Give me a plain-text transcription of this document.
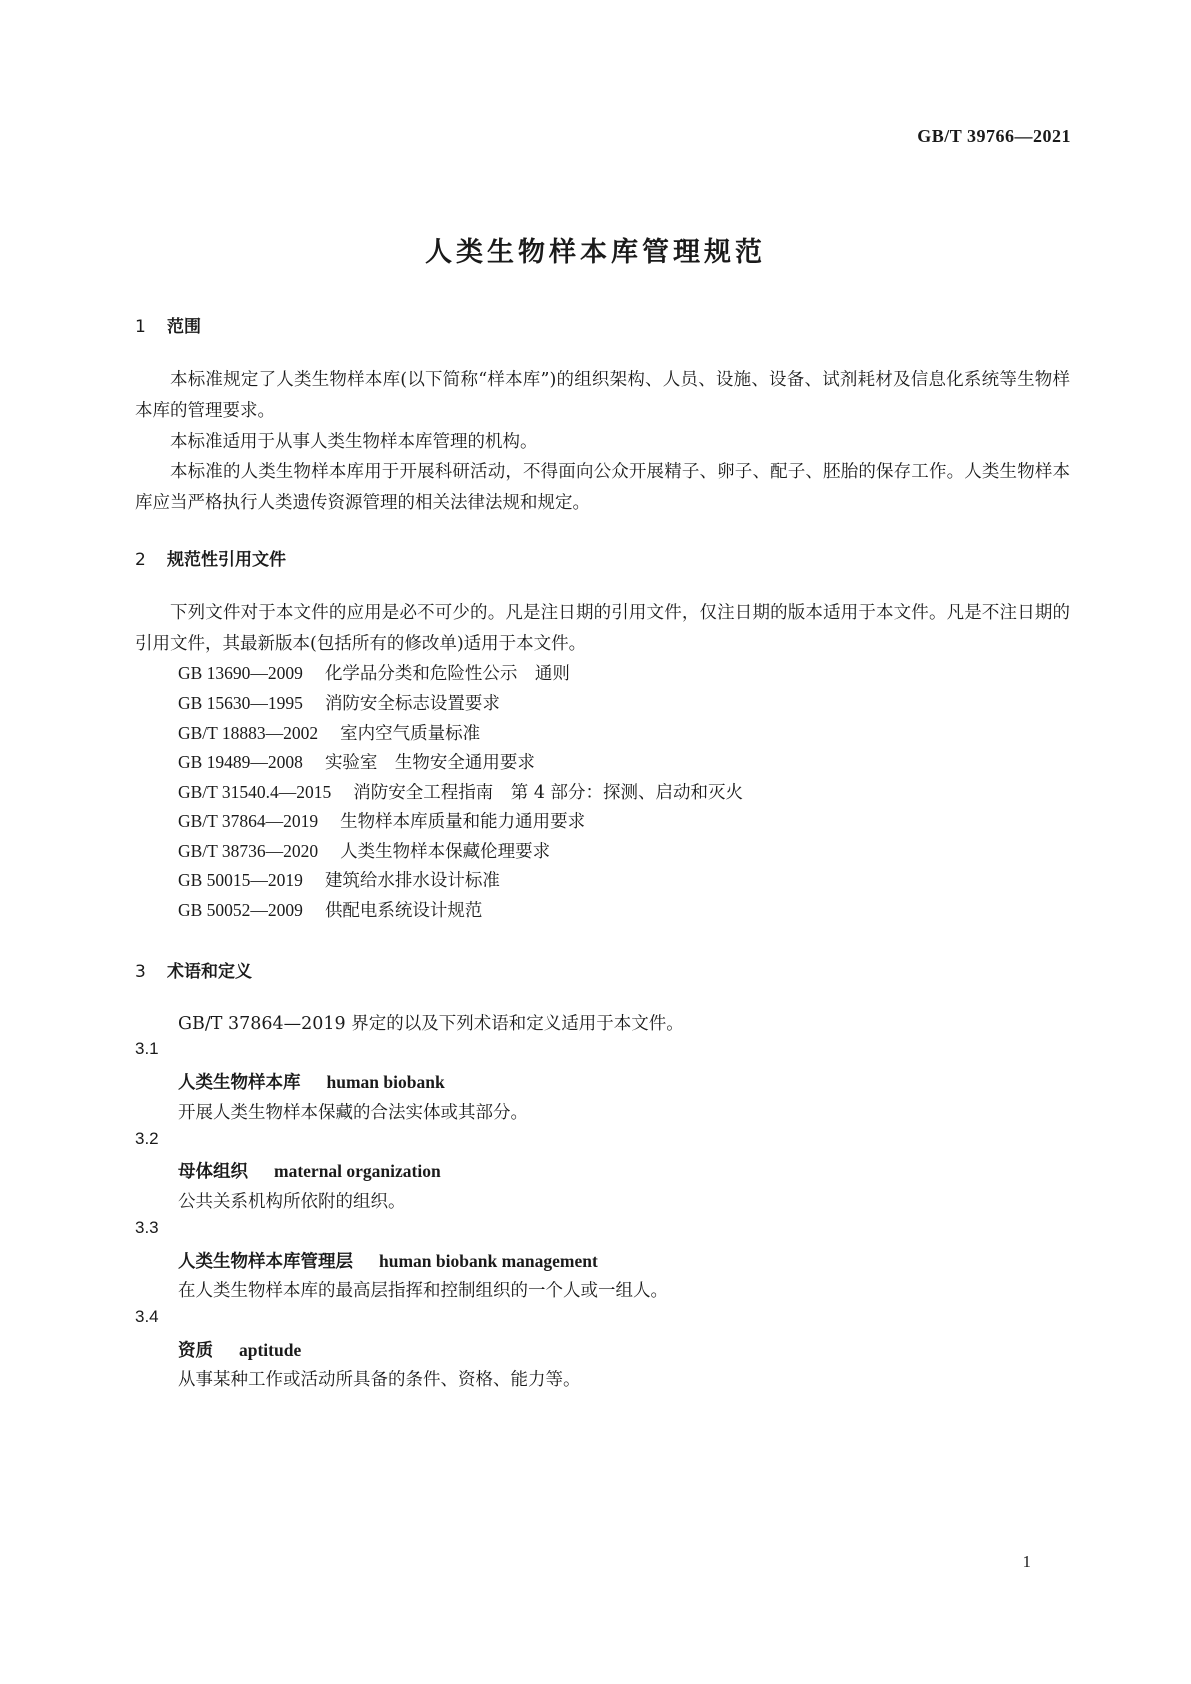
GB/T 39766—2021
人类生物样本库管理规范
1 范围

本标准规定了人类生物样本库(以下简称“样本库”)的组织架构、人员、设施、设备、试剂耗材及信息化系统等生物样本库的管理要求。

本标准适用于从事人类生物样本库管理的机构。

本标准的人类生物样本库用于开展科研活动，不得面向公众开展精子、卵子、配子、胚胎的保存工作。人类生物样本库应当严格执行人类遗传资源管理的相关法律法规和规定。

2 规范性引用文件

下列文件对于本文件的应用是必不可少的。凡是注日期的引用文件，仅注日期的版本适用于本文件。凡是不注日期的引用文件，其最新版本(包括所有的修改单)适用于本文件。

GB 13690—2009 化学品分类和危险性公示　通则
GB 15630—1995 消防安全标志设置要求
GB/T 18883—2002 室内空气质量标准
GB 19489—2008 实验室　生物安全通用要求
GB/T 31540.4—2015 消防安全工程指南　第 4 部分：探测、启动和灭火
GB/T 37864—2019 生物样本库质量和能力通用要求
GB/T 38736—2020 人类生物样本保藏伦理要求
GB 50015—2019 建筑给水排水设计标准
GB 50052—2009 供配电系统设计规范
3 术语和定义
GB/T 37864—2019 界定的以及下列术语和定义适用于本文件。
3.1
人类生物样本库 human biobank
开展人类生物样本保藏的合法实体或其部分。
3.2
母体组织 maternal organization
公共关系机构所依附的组织。
3.3
人类生物样本库管理层 human biobank management
在人类生物样本库的最高层指挥和控制组织的一个人或一组人。
3.4
资质 aptitude
从事某种工作或活动所具备的条件、资格、能力等。
1
